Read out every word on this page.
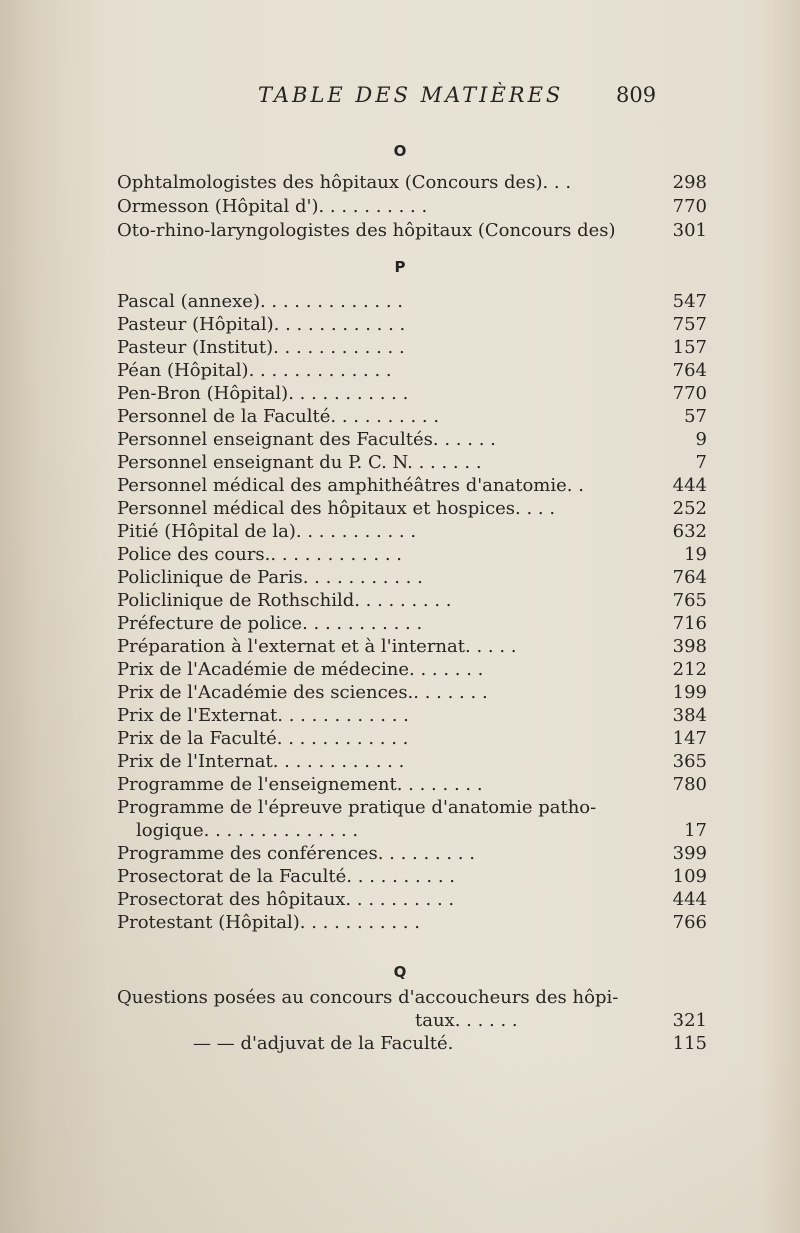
TABLE DES MATIÈRES	809
O
Ophtalmologistes des hôpitaux (Concours des). . .	298
Ormesson (Hôpital d'). . . . . . . . . .	770
Oto-rhino-laryngologistes des hôpitaux (Concours des)	301
P
Pascal (annexe). . . . . . . . . . . . .	547
Pasteur (Hôpital). . . . . . . . . . . .	757
Pasteur (Institut). . . . . . . . . . . .	157
Péan (Hôpital). . . . . . . . . . . . .	764
Pen-Bron (Hôpital). . . . . . . . . . .	770
Personnel de la Faculté. . . . . . . . . .	57
Personnel enseignant des Facultés. . . . . .	9
Personnel enseignant du P. C. N. . . . . . .	7
Personnel médical des amphithéâtres d'anatomie. .	444
Personnel médical des hôpitaux et hospices. . . .	252
Pitié (Hôpital de la). . . . . . . . . . .	632
Police des cours.. . . . . . . . . . . .	19
Policlinique de Paris. . . . . . . . . . .	764
Policlinique de Rothschild. . . . . . . . .	765
Préfecture de police. . . . . . . . . . .	716
Préparation à l'externat et à l'internat. . . . .	398
Prix de l'Académie de médecine. . . . . . .	212
Prix de l'Académie des sciences.. . . . . . .	199
Prix de l'Externat. . . . . . . . . . . .	384
Prix de la Faculté. . . . . . . . . . . .	147
Prix de l'Internat. . . . . . . . . . . .	365
Programme de l'enseignement. . . . . . . .	780
Programme de l'épreuve pratique d'anatomie patho-
logique. . . . . . . . . . . . . .	17
Programme des conférences. . . . . . . . .	399
Prosectorat de la Faculté. . . . . . . . . .	109
Prosectorat des hôpitaux. . . . . . . . . .	444
Protestant (Hôpital). . . . . . . . . . .	766
Q
Questions posées au concours d'accoucheurs des hôpi-
taux. . . . . .	321
— — d'adjuvat de la Faculté.	115
